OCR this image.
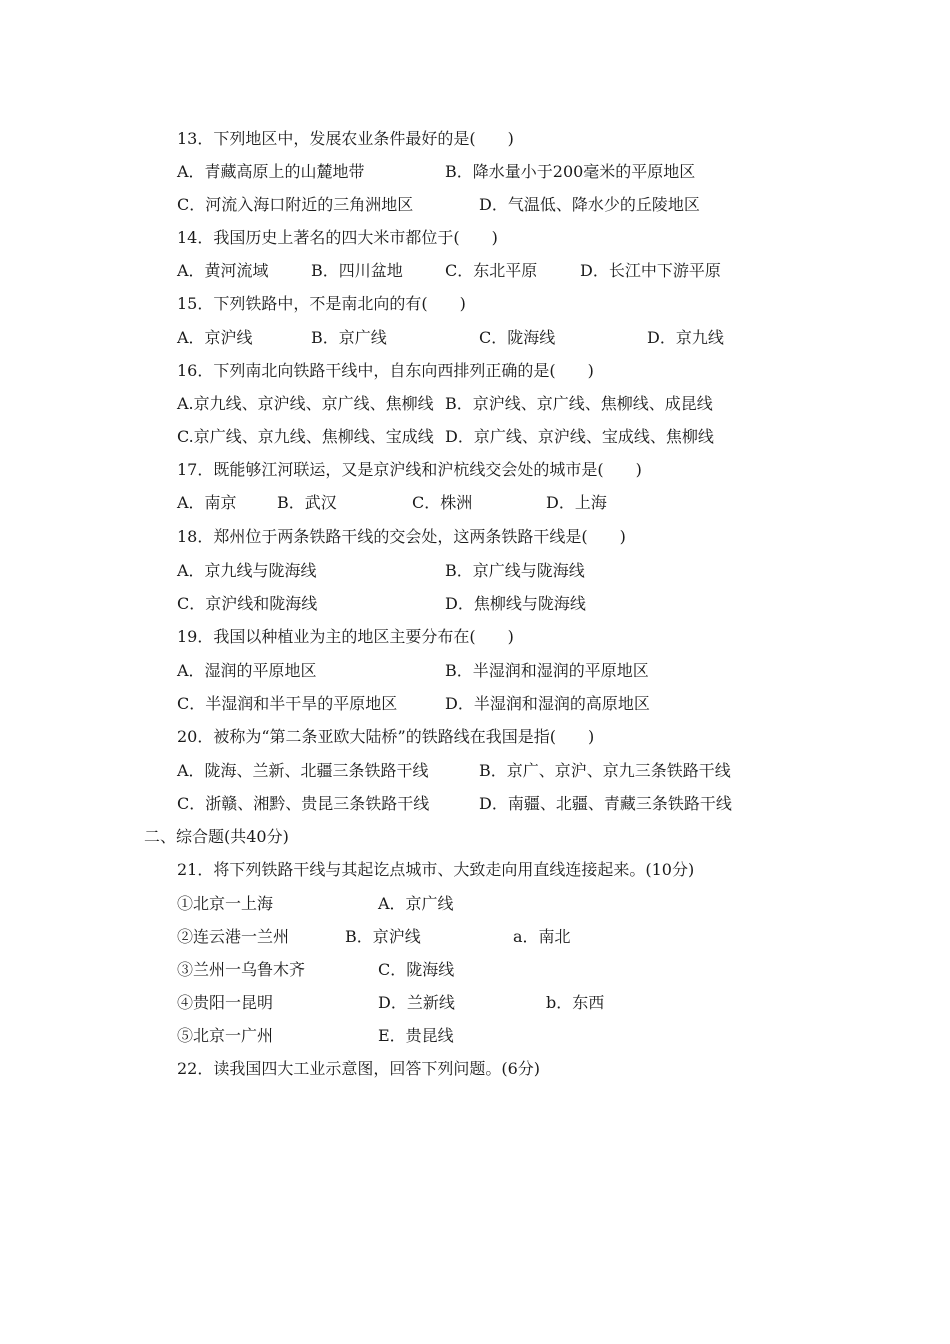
13．下列地区中，发展农业条件最好的是(　　)
A．青藏高原上的山麓地带	B．降水量小于200毫米的平原地区
C．河流入海口附近的三角洲地区	D．气温低、降水少的丘陵地区
14．我国历史上著名的四大米市都位于(　　)
A．黄河流域	B．四川盆地	C．东北平原	D．长江中下游平原
15．下列铁路中，不是南北向的有(　　)
A．京沪线	B．京广线	C．陇海线	D．京九线
16．下列南北向铁路干线中，自东向西排列正确的是(　　)
A.京九线、京沪线、京广线、焦柳线 B．京沪线、京广线、焦柳线、成昆线
C.京广线、京九线、焦柳线、宝成线 D．京广线、京沪线、宝成线、焦柳线
17．既能够江河联运，又是京沪线和沪杭线交会处的城市是(　　)
A．南京	B．武汉	C．株洲	D．上海
18．郑州位于两条铁路干线的交会处，这两条铁路干线是(　　)
A．京九线与陇海线	B．京广线与陇海线
C．京沪线和陇海线	D．焦柳线与陇海线
19．我国以种植业为主的地区主要分布在(　　)
A．湿润的平原地区	B．半湿润和湿润的平原地区
C．半湿润和半干旱的平原地区	D．半湿润和湿润的高原地区
20．被称为“第二条亚欧大陆桥”的铁路线在我国是指(　　)
A．陇海、兰新、北疆三条铁路干线	B．京广、京沪、京九三条铁路干线
C．浙赣、湘黔、贵昆三条铁路干线	D．南疆、北疆、青藏三条铁路干线
二、综合题(共40分)
21．将下列铁路干线与其起讫点城市、大致走向用直线连接起来。(10分)
①北京一上海	A．京广线
②连云港一兰州	B．京沪线	a．南北
③兰州一乌鲁木齐	C．陇海线
④贵阳一昆明	D．兰新线	b．东西
⑤北京一广州	E．贵昆线
22．读我国四大工业示意图，回答下列问题。(6分)
